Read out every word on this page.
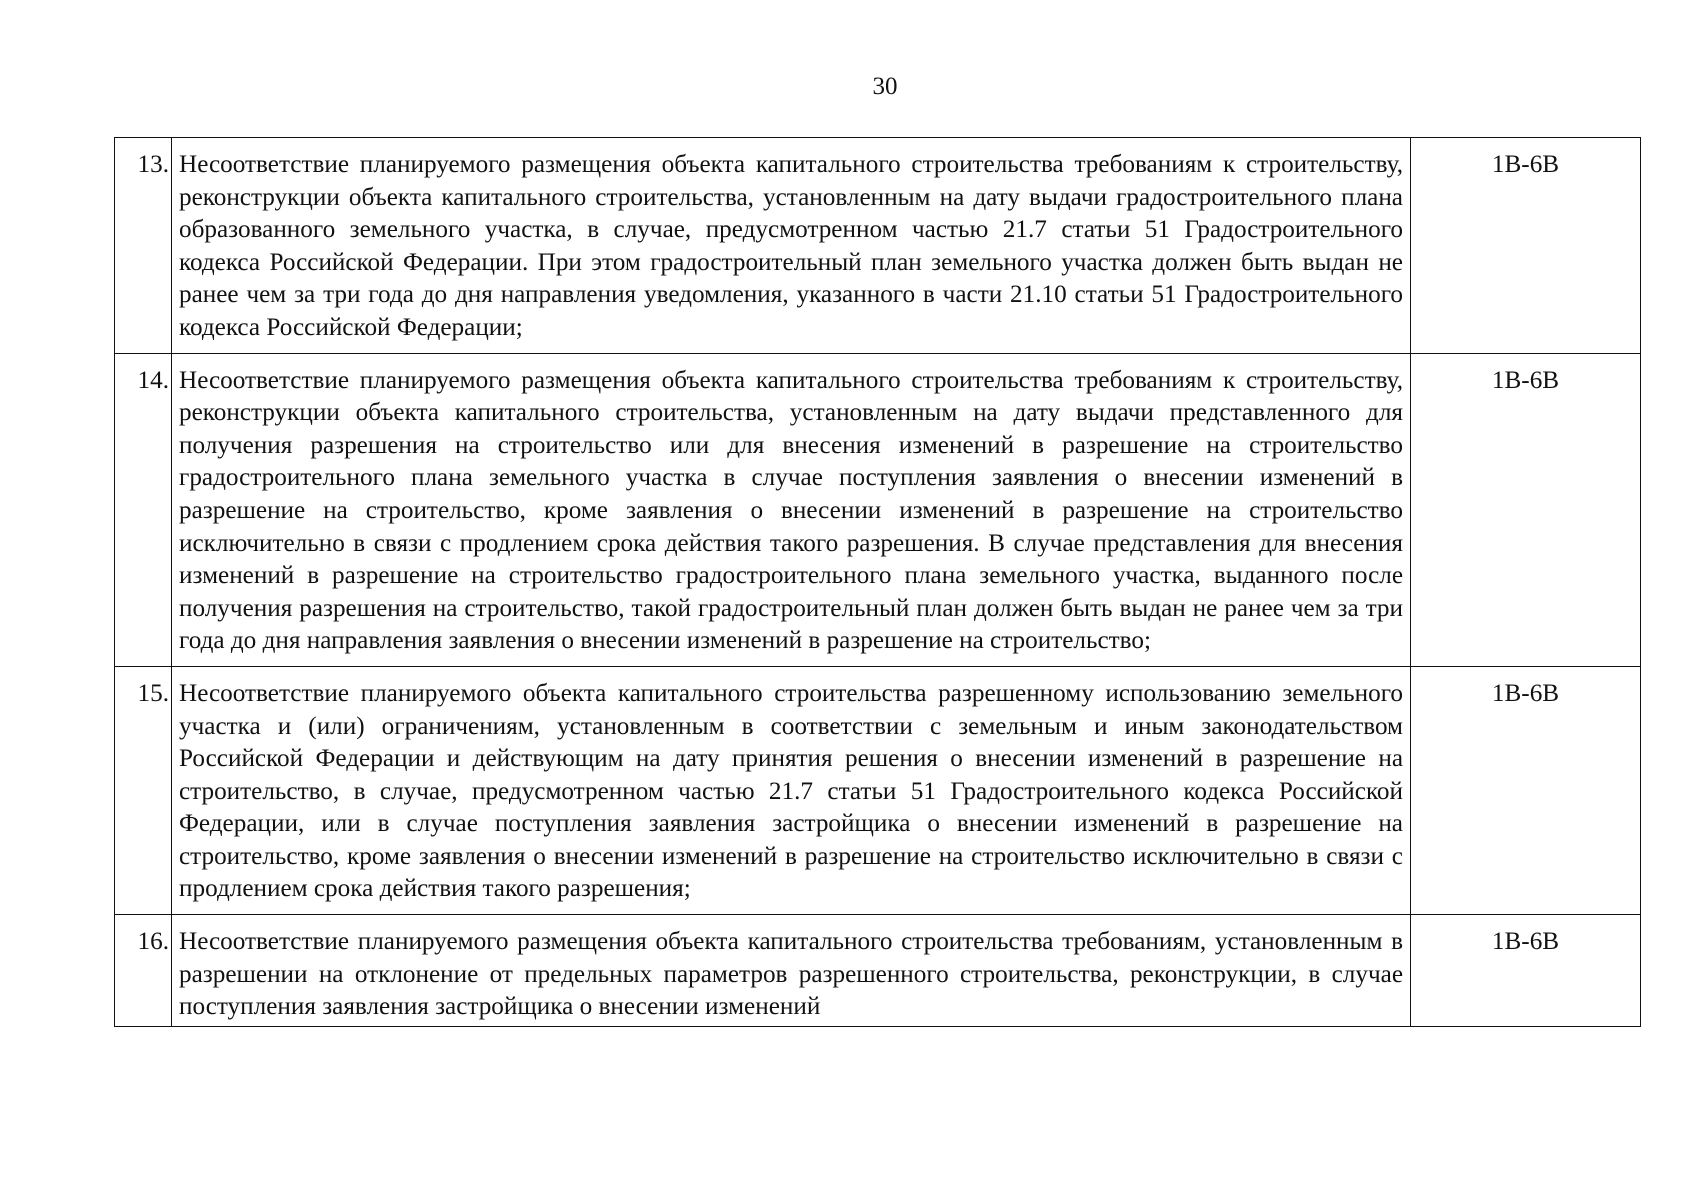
30
13.	Несоответствие планируемого размещения объекта капитального строительства требованиям к строительству, реконструкции объекта капитального строительства, установленным на дату выдачи градостроительного плана образованного земельного участка, в случае, предусмотренном частью 21.7 статьи 51 Градостроительного кодекса Российской Федерации. При этом градостроительный план земельного участка должен быть выдан не ранее чем за три года до дня направления уведомления, указанного в части 21.10 статьи 51 Градостроительного кодекса Российской Федерации;	1В-6В
14.	Несоответствие планируемого размещения объекта капитального строительства требованиям к строительству, реконструкции объекта капитального строительства, установленным на дату выдачи представленного для получения разрешения на строительство или для внесения изменений в разрешение на строительство градостроительного плана земельного участка в случае поступления заявления о внесении изменений в разрешение на строительство, кроме заявления о внесении изменений в разрешение на строительство исключительно в связи с продлением срока действия такого разрешения. В случае представления для внесения изменений в разрешение на строительство градостроительного плана земельного участка, выданного после получения разрешения на строительство, такой градостроительный план должен быть выдан не ранее чем за три года до дня направления заявления о внесении изменений в разрешение на строительство;	1В-6В
15.	Несоответствие планируемого объекта капитального строительства разрешенному использованию земельного участка и (или) ограничениям, установленным в соответствии с земельным и иным законодательством Российской Федерации и действующим на дату принятия решения о внесении изменений в разрешение на строительство, в случае, предусмотренном частью 21.7 статьи 51 Градостроительного кодекса Российской Федерации, или в случае поступления заявления застройщика о внесении изменений в разрешение на строительство, кроме заявления о внесении изменений в разрешение на строительство исключительно в связи с продлением срока действия такого разрешения;	1В-6В
16.	Несоответствие планируемого размещения объекта капитального строительства требованиям, установленным в разрешении на отклонение от предельных параметров разрешенного строительства, реконструкции, в случае поступления заявления застройщика о внесении изменений	1В-6В
